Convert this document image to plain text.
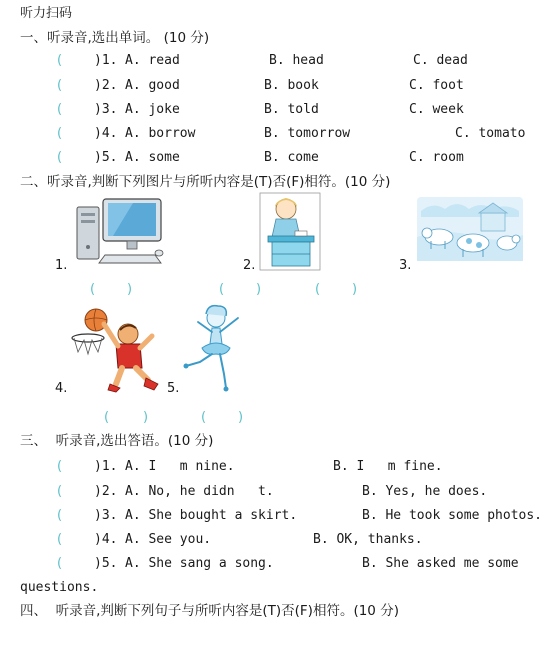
听力扫码
一、听录音,选出单词。 (10 分)
( )1. A. read	B. head	C. dead
( )2. A. good	B. book	C. foot
( )3. A. joke	B. told	C. week
( )4. A. borrow	B. tomorrow	C. tomato
( )5. A. some	B. come	C. room
二、听录音,判断下列图片与所听内容是(T)否(F)相符。(10 分)
1.	2.	3.
( )	( )	( )
4.	5.
(	)	( )
三、  听录音,选出答语。(10 分)
( )1. A. I   m nine.	B. I   m fine.
( )2. A. No, he didn   t.	B. Yes, he does.
( )3. A. She bought a skirt.	B. He took some photos.
( )4. A. See you.	B. OK, thanks.
( )5. A. She sang a song.	B. She asked me some
questions.
四、  听录音,判断下列句子与所听内容是(T)否(F)相符。(10 分)
